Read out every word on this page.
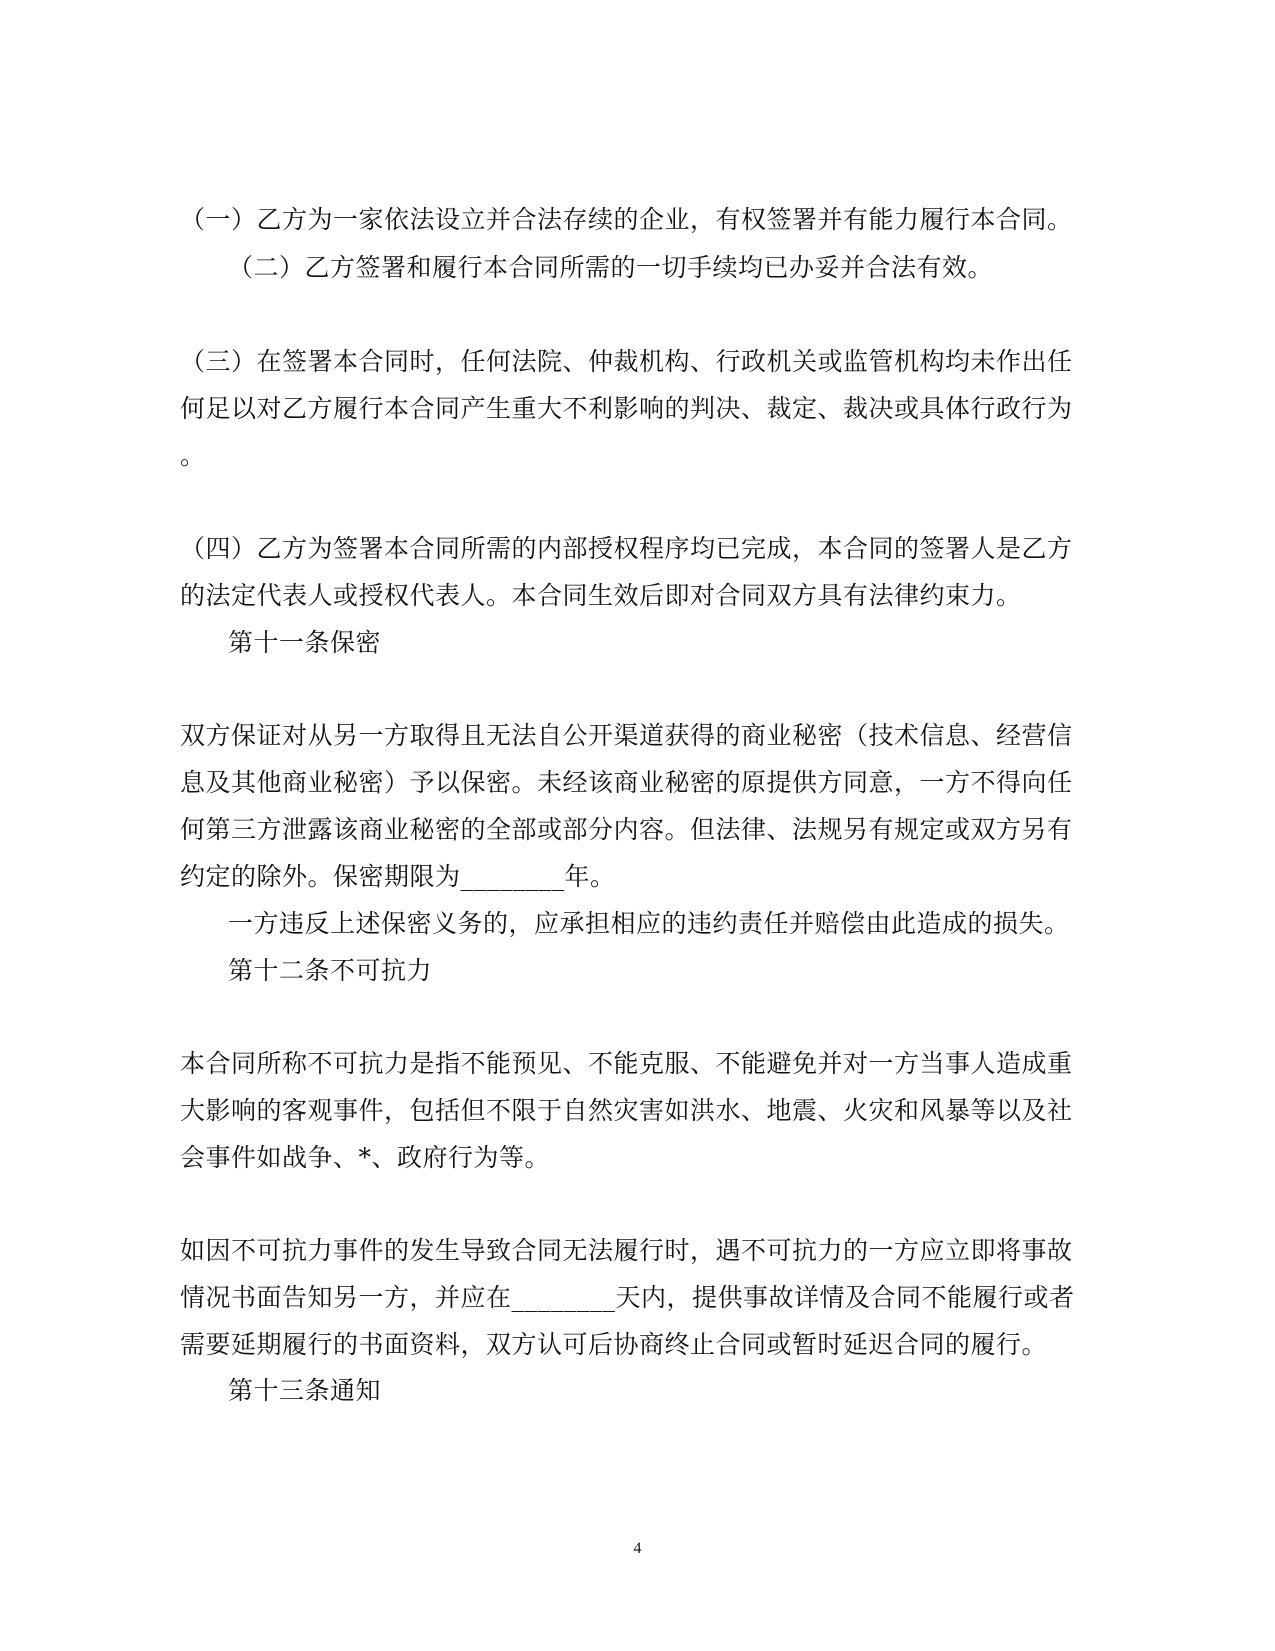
（一）乙方为一家依法设立并合法存续的企业，有权签署并有能力履行本合同。

（二）乙方签署和履行本合同所需的一切手续均已办妥并合法有效。

（三）在签署本合同时，任何法院、仲裁机构、行政机关或监管机构均未作出任

何足以对乙方履行本合同产生重大不利影响的判决、裁定、裁决或具体行政行为

。

（四）乙方为签署本合同所需的内部授权程序均已完成，本合同的签署人是乙方

的法定代表人或授权代表人。本合同生效后即对合同双方具有法律约束力。

第十一条保密

双方保证对从另一方取得且无法自公开渠道获得的商业秘密（技术信息、经营信

息及其他商业秘密）予以保密。未经该商业秘密的原提供方同意，一方不得向任

何第三方泄露该商业秘密的全部或部分内容。但法律、法规另有规定或双方另有

约定的除外。保密期限为________年。

一方违反上述保密义务的，应承担相应的违约责任并赔偿由此造成的损失。

第十二条不可抗力

本合同所称不可抗力是指不能预见、不能克服、不能避免并对一方当事人造成重

大影响的客观事件，包括但不限于自然灾害如洪水、地震、火灾和风暴等以及社

会事件如战争、*、政府行为等。

如因不可抗力事件的发生导致合同无法履行时，遇不可抗力的一方应立即将事故

情况书面告知另一方，并应在________天内，提供事故详情及合同不能履行或者

需要延期履行的书面资料，双方认可后协商终止合同或暂时延迟合同的履行。

第十三条通知

4
